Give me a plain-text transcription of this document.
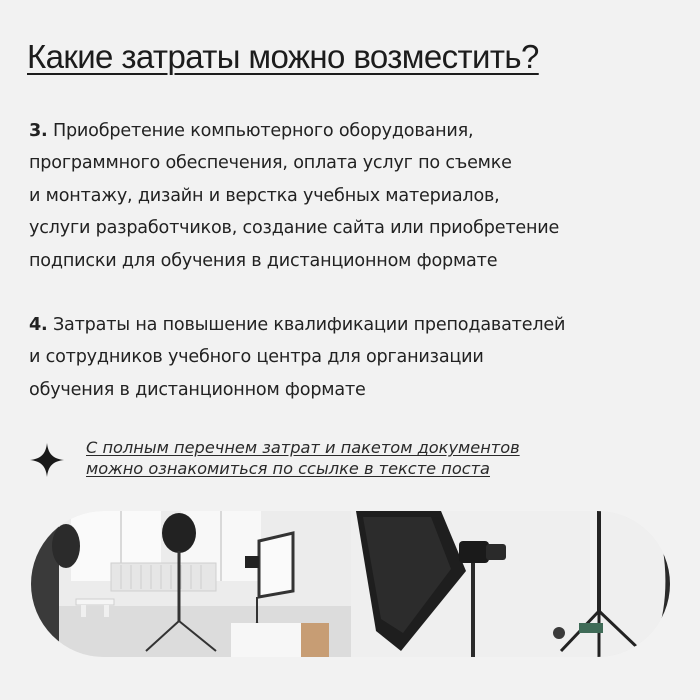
Какие затраты можно возместить?
3. Приобретение компьютерного оборудования,
программного обеспечения, оплата услуг по съемке
и монтажу, дизайн и верстка учебных материалов,
услуги разработчиков, создание сайта или приобретение
подписки для обучения в дистанционном формате
4. Затраты на повышение квалификации преподавателей
и сотрудников учебного центра для организации
обучения в дистанционном формате
С полным перечнем затрат и пакетом документов
можно ознакомиться по ссылке в тексте поста
